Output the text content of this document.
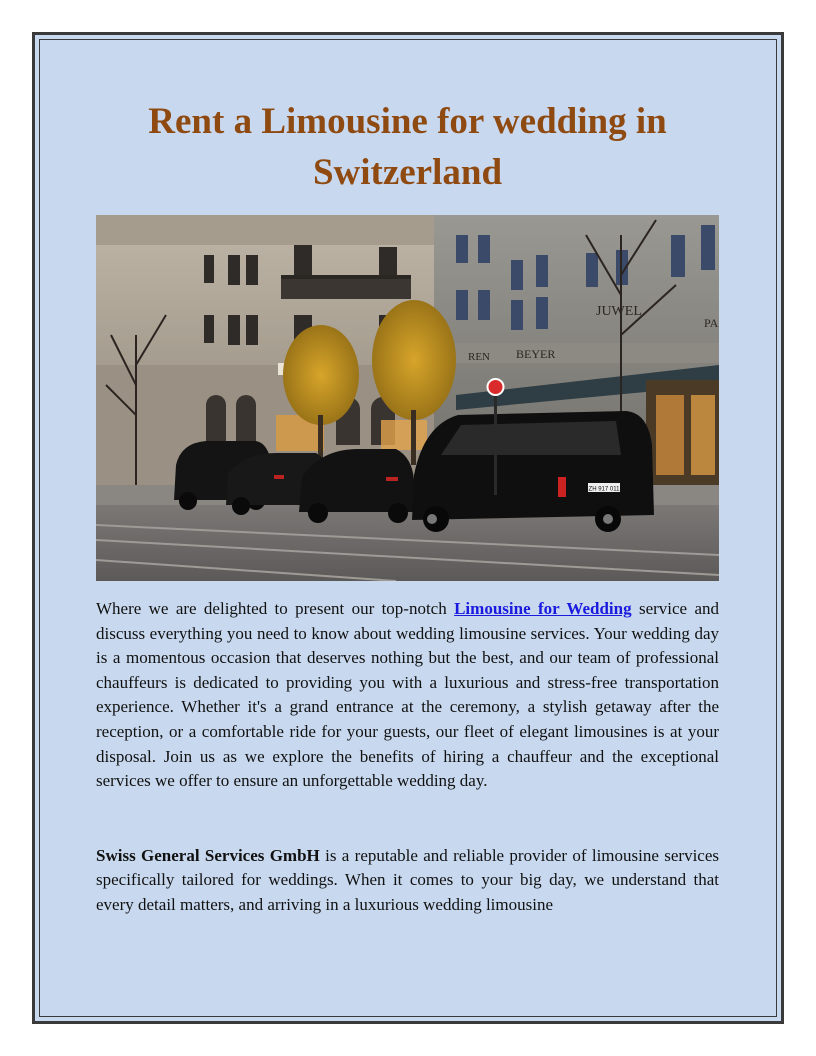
Rent a Limousine for wedding in Switzerland
REN BEYER
JUWEL
PA
ZH 917 011

Where we are delighted to present our top-notch Limousine for Wedding service and discuss everything you need to know about wedding limousine services. Your wedding day is a momentous occasion that deserves nothing but the best, and our team of professional chauffeurs is dedicated to providing you with a luxurious and stress-free transportation experience. Whether it's a grand entrance at the ceremony, a stylish getaway after the reception, or a comfortable ride for your guests, our fleet of elegant limousines is at your disposal. Join us as we explore the benefits of hiring a chauffeur and the exceptional services we offer to ensure an unforgettable wedding day.

Swiss General Services GmbH is a reputable and reliable provider of limousine services specifically tailored for weddings. When it comes to your big day, we understand that every detail matters, and arriving in a luxurious wedding limousine
